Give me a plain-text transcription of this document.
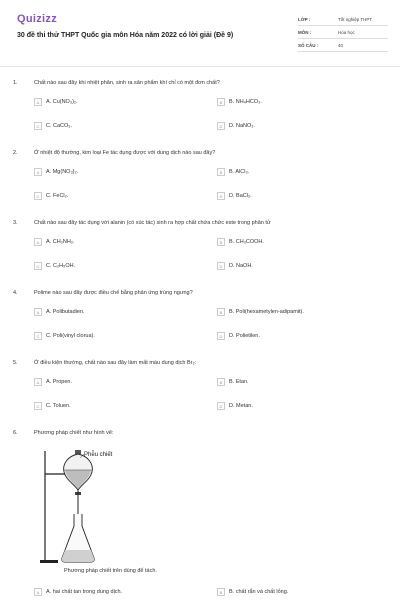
Quizizz
30 đề thi thử THPT Quốc gia môn Hóa năm 2022 có lời giải (Đề 9)
LỚP :	Tốt nghiệp THPT
MÔN :	Hóa học
SỐ CÂU :	40
1.	Chất nào sau đây khi nhiệt phân, sinh ra sản phẩm khí chỉ có một đơn chất?
A	A. Cu(NO₃)₂.	B	B. NH₄HCO₃.
C	C. CaCO₃.	D	D. NaNO₃.
2.	Ở nhiệt độ thường, kim loại Fe tác dụng được với dung dịch nào sau đây?
A	A. Mg(NO₃)₂.	B	B. AlCl₃.
C	C. FeCl₂.	D	D. BaCl₂.
3.	Chất nào sau đây tác dụng với alanin (có xúc tác) sinh ra hợp chất chứa chức este trong phân tử
A	A. CH₃NH₂.	B	B. CH₃COOH.
C	C. C₂H₅OH.	D	D. NaOH.
4.	Polime nào sau đây được điều chế bằng phản ứng trùng ngưng?
A	A. Polibutadien.	B	B. Poli(hexametylen-adipamit).
C	C. Poli(vinyl clorua).	D	D. Polietilen.
5.	Ở điều kiện thường, chất nào sau đây làm mất màu dung dịch Br₂:
A	A. Propen.	B	B. Etan.
C	C. Toluen.	D	D. Metan.
6.	Phương pháp chiết như hình vẽ:
Phễu chiết
Phương pháp chiết trên dùng để tách.
A	A. hai chất tan trong dung dịch.	B	B. chất rắn và chất lỏng.
